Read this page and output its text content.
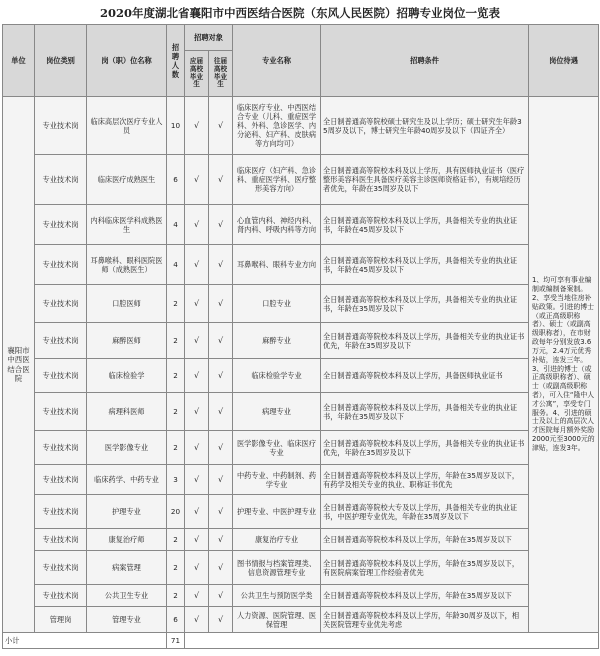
2020年度湖北省襄阳市中西医结合医院（东风人民医院）招聘专业岗位一览表
单位	岗位类别	岗（职）位名称	招聘人数	招聘对象		专业名称	招聘条件	岗位待遇
				应届高校毕业生	往届高校毕业生			
襄阳市中西医结合医院	专业技术岗	临床高层次医疗专业人员	10	√	√	临床医疗专业、中西医结合专业（儿科、重症医学科、外科、急诊医学、内分泌科、妇产科、皮肤病等方向均可）	全日制普通高等院校硕士研究生及以上学历；硕士研究生年龄35周岁及以下，博士研究生年龄40周岁及以下（四证齐全）	1、均可享有事业编制或编制备案制。2、享受当地住房补贴政策。引进的博士（或正高级职称者）、硕士（或副高级职称者），在市财政每年分别发放3.6万元，2.4万元优秀补贴，连发三年。3、引进的博士（或正高级职称者）、硕士（或副高级职称者），可入住“隆中人才公寓”，享受专门服务。4、引进的硕士及以上的高层次人才医院每月额外奖励2000元至3000元的津贴，连发3年。
	专业技术岗	临床医疗成熟医生	6	√	√	临床医疗（妇产科、急诊科、重症医学科、医疗整形美容方向）	全日制普通高等院校本科及以上学历，具有医师执业证书（医疗整形美容科医生具备医疗美容主诊医师资格证书），有规培经历者优先，年龄在35周岁及以下	
	专业技术岗	内科临床医学科成熟医生	4	√	√	心血管内科、神经内科、肾内科、呼吸内科等方向	全日制普通高等院校本科及以上学历，具备相关专业的执业证书，年龄在45周岁及以下	
	专业技术岗	耳鼻喉科、眼科医院医师（成熟医生）	4	√	√	耳鼻喉科、眼科专业方向	全日制普通高等院校本科及以上学历，具备相关专业的执业证书，年龄在45周岁及以下	
	专业技术岗	口腔医师	2	√	√	口腔专业	全日制普通高等院校本科及以上学历，具备相关专业的执业证书，年龄在35周岁及以下	
	专业技术岗	麻醉医师	2	√	√	麻醉专业	全日制普通高等院校本科及以上学历，具备相关专业的执业证书优先，年龄在35周岁及以下	
	专业技术岗	临床检验学	2	√	√	临床检验学专业	全日制普通高等院校本科及以上学历，具备医师执业证书	
	专业技术岗	病理科医师	2	√	√	病理专业	全日制普通高等院校本科及以上学历，具备相关专业的执业证书，年龄在35周岁及以下	
	专业技术岗	医学影像专业	2	√	√	医学影像专业、临床医疗专业	全日制普通高等院校本科及以上学历，具备相关专业的执业证书优先，年龄在35周岁及以下	
	专业技术岗	临床药学、中药专业	3	√	√	中药专业、中药制剂、药学专业	全日制普通高等院校本科及以上学历，年龄在35周岁及以下，有药学及相关专业的执业、职称证书优先	
	专业技术岗	护理专业	20	√	√	护理专业、中医护理专业	全日制普通高等院校大专及以上学历，具备相关专业的执业证书，中医护理专业优先，年龄在35周岁及以下	
	专业技术岗	康复治疗师	2	√	√	康复治疗专业	全日制普通高等院校本科及以上学历，年龄在35周岁及以下	
	专业技术岗	病案管理	2	√	√	图书情报与档案管理类、信息资源管理专业	全日制普通高等院校本科及以上学历，年龄在35周岁及以下，有医院病案管理工作经验者优先	
	专业技术岗	公共卫生专业	2	√	√	公共卫生与预防医学类	全日制普通高等院校本科及以上学历，年龄在35周岁及以下	
	管理岗	管理专业	6	√	√	人力资源、医院管理、医保管理	全日制普通高等院校本科及以上学历，年龄30周岁及以下，相关医院管理专业优先考虑	
小计			71					
